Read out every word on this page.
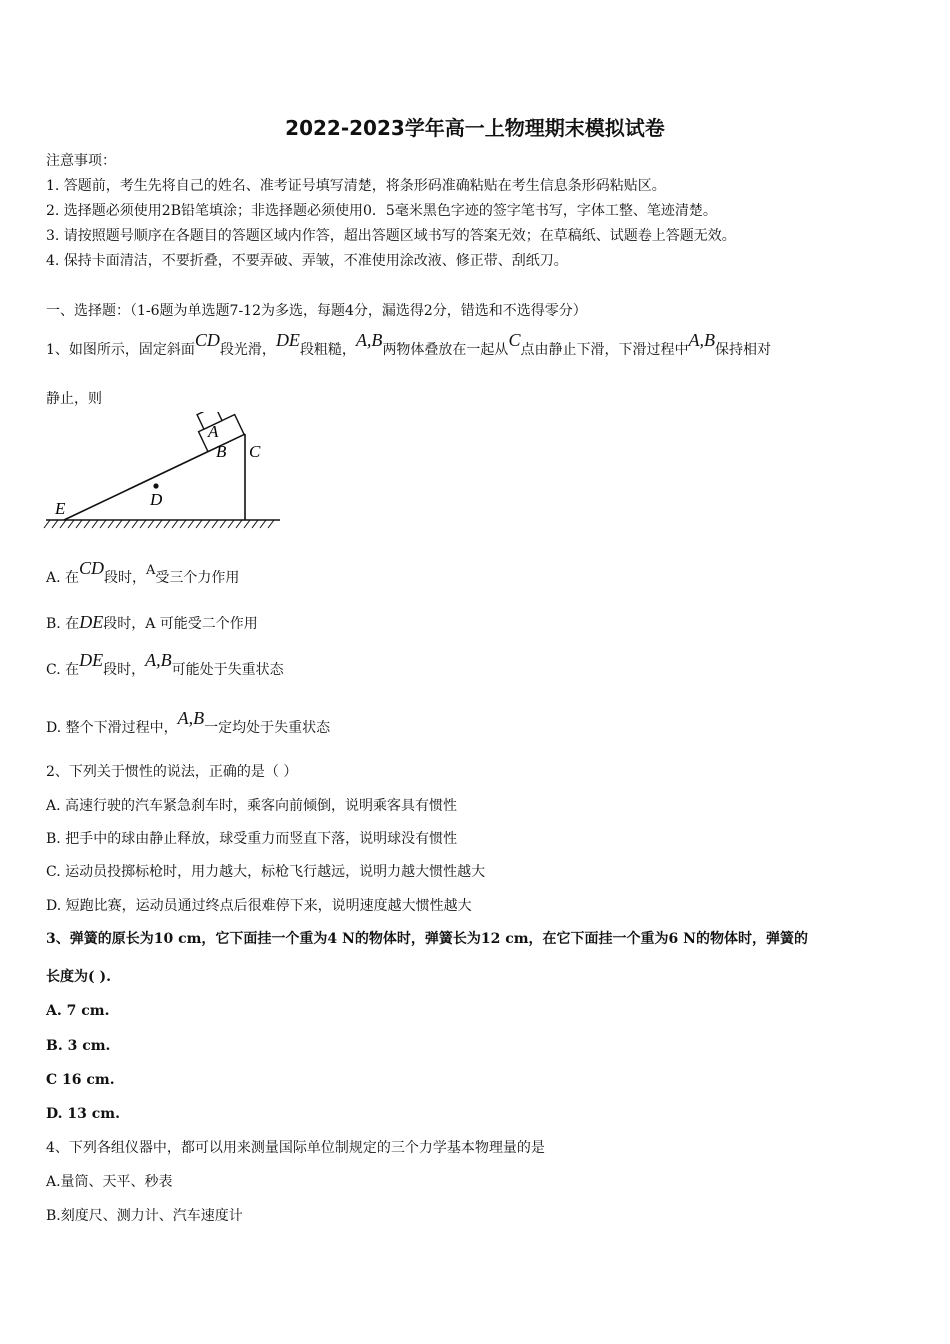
2022-2023学年高一上物理期末模拟试卷
注意事项：
1. 答题前，考生先将自己的姓名、准考证号填写清楚，将条形码准确粘贴在考生信息条形码粘贴区。
2. 选择题必须使用2B铅笔填涂；非选择题必须使用0．5毫米黑色字迹的签字笔书写，字体工整、笔迹清楚。
3. 请按照题号顺序在各题目的答题区域内作答，超出答题区域书写的答案无效；在草稿纸、试题卷上答题无效。
4. 保持卡面清洁，不要折叠，不要弄破、弄皱，不准使用涂改液、修正带、刮纸刀。
一、选择题：（1-6题为单选题7-12为多选，每题4分，漏选得2分，错选和不选得零分）
1、如图所示，固定斜面CD段光滑，DE段粗糙，A,B两物体叠放在一起从C点由静止下滑，下滑过程中A,B保持相对
静止，则
A
B C
D
E
A. 在CD段时，A受三个力作用
B. 在DE段时，A 可能受二个作用
C. 在DE段时，A,B可能处于失重状态
D. 整个下滑过程中，A,B一定均处于失重状态
2、下列关于惯性的说法，正确的是（ ）
A. 高速行驶的汽车紧急刹车时，乘客向前倾倒，说明乘客具有惯性
B. 把手中的球由静止释放，球受重力而竖直下落，说明球没有惯性
C. 运动员投掷标枪时，用力越大，标枪飞行越远，说明力越大惯性越大
D. 短跑比赛，运动员通过终点后很难停下来，说明速度越大惯性越大
3、弹簧的原长为10 cm，它下面挂一个重为4 N的物体时，弹簧长为12 cm，在它下面挂一个重为6 N的物体时，弹簧的
长度为( ).
A. 7 cm.
B. 3 cm.
C 16 cm.
D. 13 cm.
4、下列各组仪器中，都可以用来测量国际单位制规定的三个力学基本物理量的是
A.量筒、天平、秒表
B.刻度尺、测力计、汽车速度计
